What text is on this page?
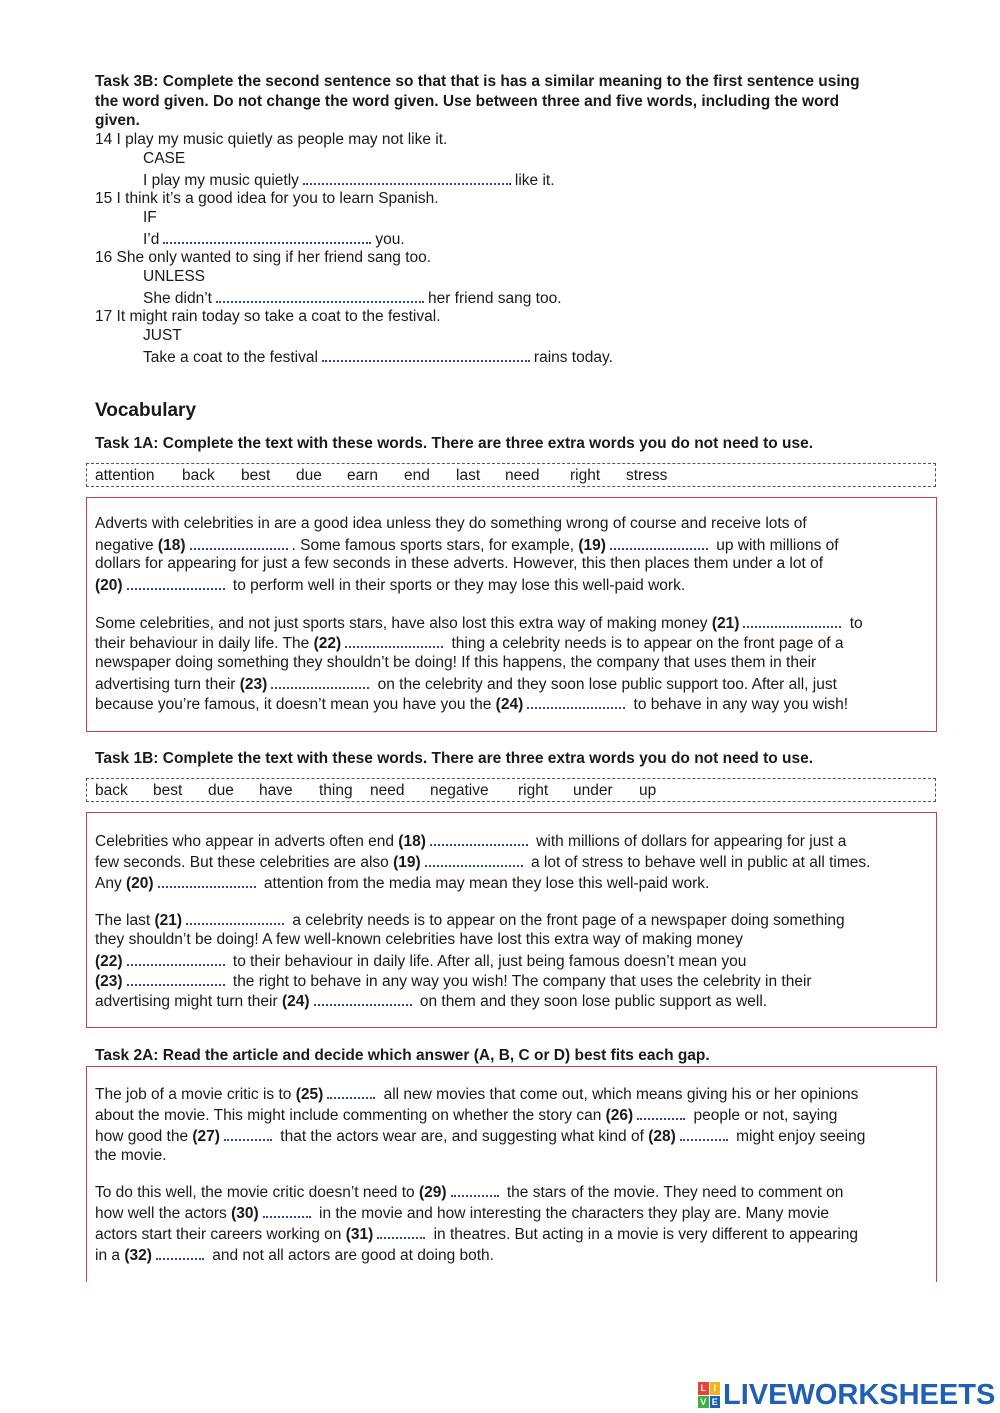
Task 3B: Complete the second sentence so that that is has a similar meaning to the first sentence using
the word given. Do not change the word given. Use between three and five words, including the word
given.
14 I play my music quietly as people may not like it.
CASE
I play my music quietly	like it.
15 I think it’s a good idea for you to learn Spanish.
IF
I’d	you.
16 She only wanted to sing if her friend sang too.
UNLESS
She didn’t	her friend sang too.
17 It might rain today so take a coat to the festival.
JUST
Take a coat to the festival	rains today.
Vocabulary
Task 1A: Complete the text with these words. There are three extra words you do not need to use.
attention back best due earn end last need right stress
Adverts with celebrities in are a good idea unless they do something wrong of course and receive lots of
negative (18)	. Some famous sports stars, for example, (19)	up with millions of
dollars for appearing for just a few seconds in these adverts. However, this then places them under a lot of
(20)	to perform well in their sports or they may lose this well-paid work.
Some celebrities, and not just sports stars, have also lost this extra way of making money (21)	to
their behaviour in daily life. The (22)	thing a celebrity needs is to appear on the front page of a
newspaper doing something they shouldn’t be doing! If this happens, the company that uses them in their
advertising turn their (23)	on the celebrity and they soon lose public support too. After all, just
because you’re famous, it doesn’t mean you have you the (24)	to behave in any way you wish!
Task 1B: Complete the text with these words. There are three extra words you do not need to use.
back best due have thing need negative right under up
Celebrities who appear in adverts often end (18)	with millions of dollars for appearing for just a
few seconds. But these celebrities are also (19)	a lot of stress to behave well in public at all times.
Any (20)	attention from the media may mean they lose this well-paid work.
The last (21)	a celebrity needs is to appear on the front page of a newspaper doing something
they shouldn’t be doing! A few well-known celebrities have lost this extra way of making money
(22)	to their behaviour in daily life. After all, just being famous doesn’t mean you
(23)	the right to behave in any way you wish! The company that uses the celebrity in their
advertising might turn their (24)	on them and they soon lose public support as well.
Task 2A: Read the article and decide which answer (A, B, C or D) best fits each gap.
The job of a movie critic is to (25)	all new movies that come out, which means giving his or her opinions
about the movie. This might include commenting on whether the story can (26)	people or not, saying
how good the (27)	that the actors wear are, and suggesting what kind of (28)	might enjoy seeing
the movie.
To do this well, the movie critic doesn’t need to (29)	the stars of the movie. They need to comment on
how well the actors (30)	in the movie and how interesting the characters they play are. Many movie
actors start their careers working on (31)	in theatres. But acting in a movie is very different to appearing
in a (32)	and not all actors are good at doing both.
L I
V E LIVEWORKSHEETS
